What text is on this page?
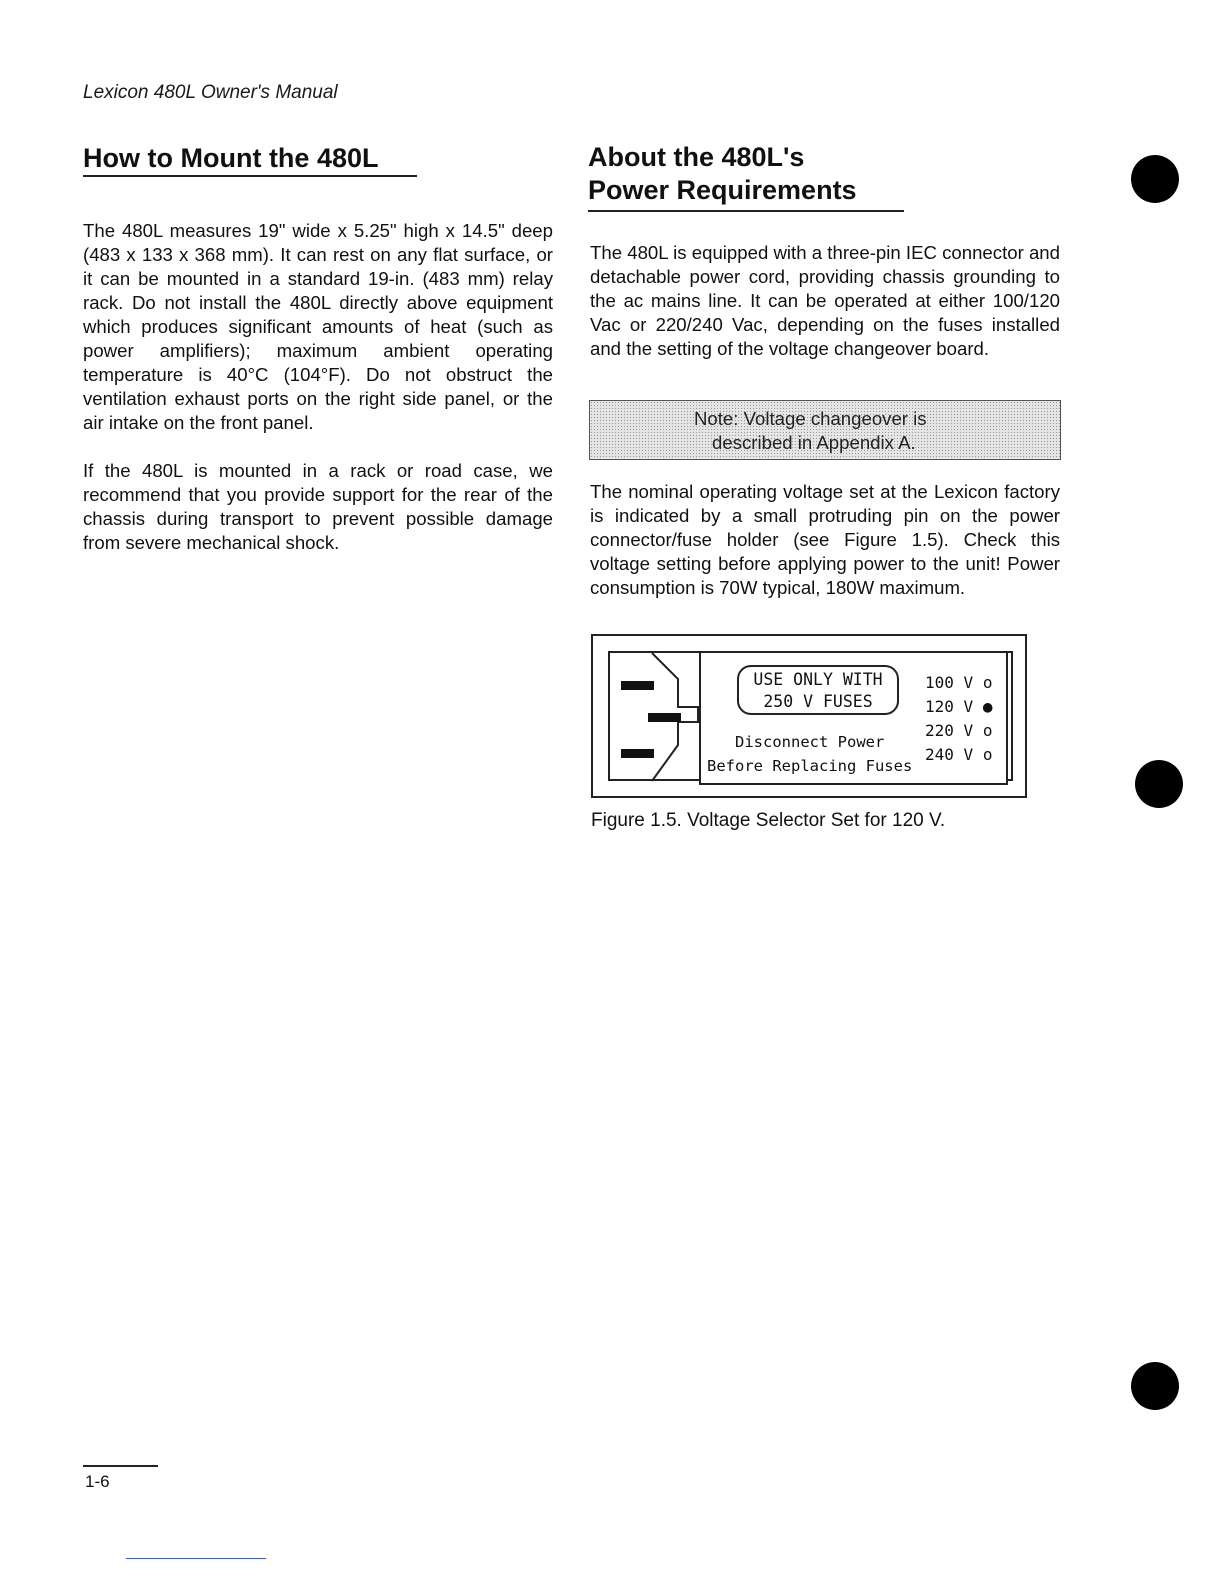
Lexicon 480L Owner's Manual
How to Mount the 480L

The 480L measures 19" wide x 5.25" high x 14.5" deep (483 x 133 x 368 mm). It can rest on any flat surface, or it can be mounted in a standard 19-in. (483 mm) relay rack. Do not install the 480L directly above equipment which produces significant amounts of heat (such as power amplifiers); maximum ambient operating temperature is 40°C (104°F). Do not obstruct the ventilation exhaust ports on the right side panel, or the air intake on the front panel.

If the 480L is mounted in a rack or road case, we recommend that you provide support for the rear of the chassis during transport to prevent possible damage from severe mechanical shock.

About the 480L's
Power Requirements

The 480L is equipped with a three-pin IEC connector and detachable power cord, providing chassis grounding to the ac mains line. It can be operated at either 100/120 Vac or 220/240 Vac, depending on the fuses installed and the setting of the voltage changeover board.

Note: Voltage changeover is
described in Appendix A.

The nominal operating voltage set at the Lexicon factory is indicated by a small protruding pin on the power connector/fuse holder (see Figure 1.5). Check this voltage setting before applying power to the unit! Power consumption is 70W typical, 180W maximum.

USE ONLY WITH
250 V FUSES
Disconnect Power
Before Replacing Fuses
100 V o
120 V ●
220 V o
240 V o
Figure 1.5. Voltage Selector Set for 120 V.
1-6
